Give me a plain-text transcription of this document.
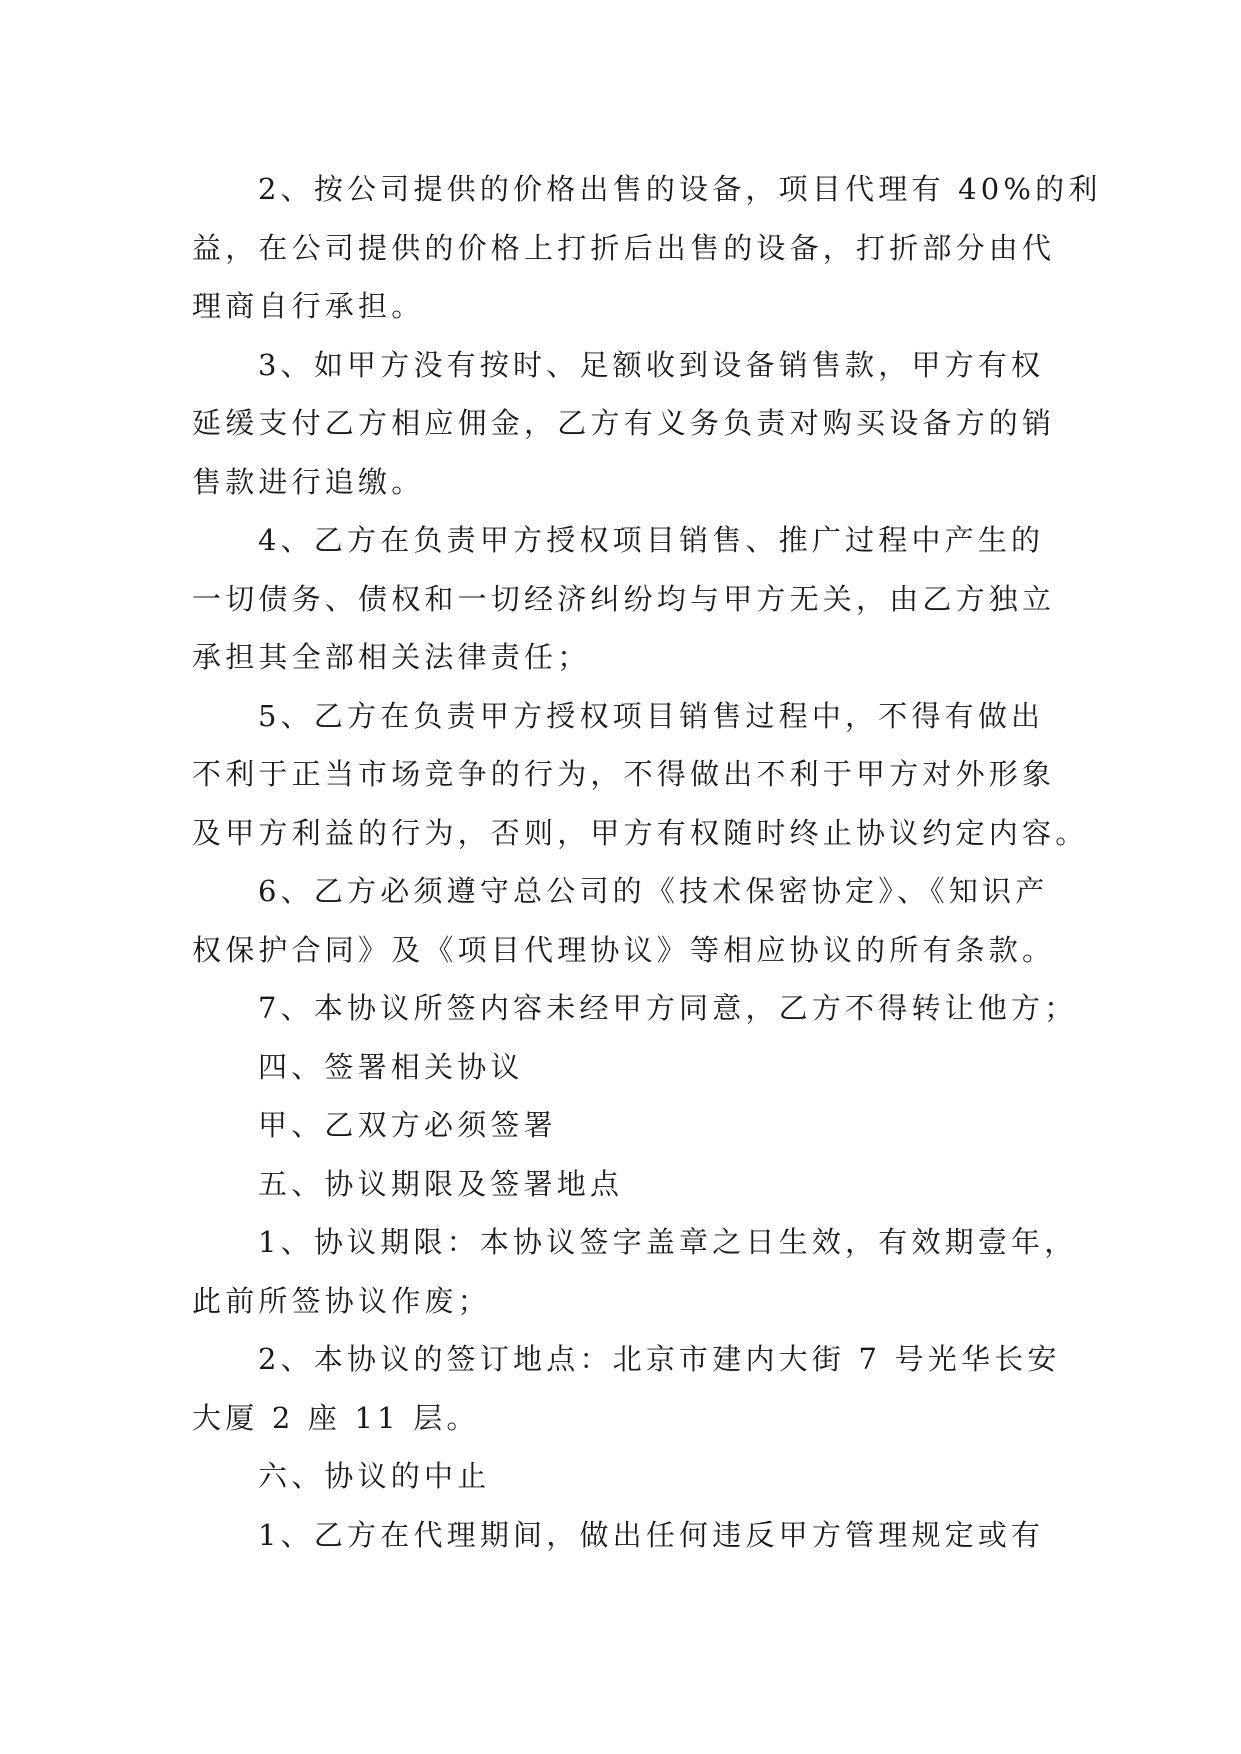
2、按公司提供的价格出售的设备，项目代理有 40%的利
益，在公司提供的价格上打折后出售的设备，打折部分由代
理商自行承担。

3、如甲方没有按时、足额收到设备销售款，甲方有权
延缓支付乙方相应佣金，乙方有义务负责对购买设备方的销
售款进行追缴。

4、乙方在负责甲方授权项目销售、推广过程中产生的
一切债务、债权和一切经济纠纷均与甲方无关，由乙方独立
承担其全部相关法律责任；

5、乙方在负责甲方授权项目销售过程中，不得有做出
不利于正当市场竞争的行为，不得做出不利于甲方对外形象
及甲方利益的行为，否则，甲方有权随时终止协议约定内容。

6、乙方必须遵守总公司的《技术保密协定》、《知识产
权保护合同》及《项目代理协议》等相应协议的所有条款。

7、本协议所签内容未经甲方同意，乙方不得转让他方；

四、签署相关协议

甲、乙双方必须签署

五、协议期限及签署地点

1、协议期限：本协议签字盖章之日生效，有效期壹年，
此前所签协议作废；

2、本协议的签订地点：北京市建内大街 7 号光华长安
大厦 2 座 11 层。

六、协议的中止

1、乙方在代理期间，做出任何违反甲方管理规定或有
